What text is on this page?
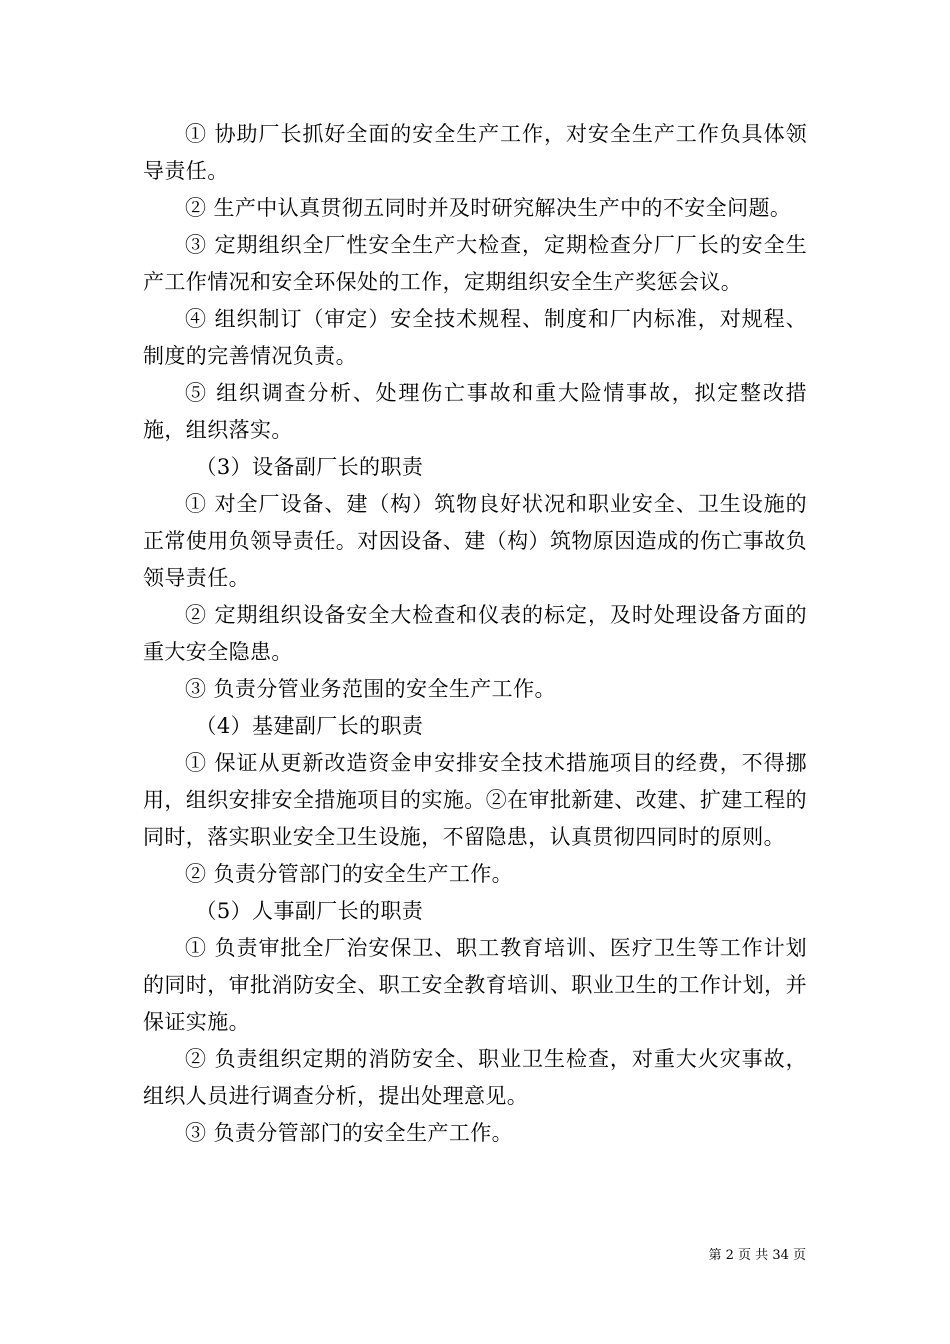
① 协助厂长抓好全面的安全生产工作，对安全生产工作负具体领导责任。

② 生产中认真贯彻五同时并及时研究解决生产中的不安全问题。

③ 定期组织全厂性安全生产大检查，定期检查分厂厂长的安全生产工作情况和安全环保处的工作，定期组织安全生产奖惩会议。

④ 组织制订（审定）安全技术规程、制度和厂内标准，对规程、制度的完善情况负责。

⑤ 组织调查分析、处理伤亡事故和重大险情事故，拟定整改措施，组织落实。

（3）设备副厂长的职责

① 对全厂设备、建（构）筑物良好状况和职业安全、卫生设施的正常使用负领导责任。对因设备、建（构）筑物原因造成的伤亡事故负领导责任。

② 定期组织设备安全大检查和仪表的标定，及时处理设备方面的重大安全隐患。

③ 负责分管业务范围的安全生产工作。

（4）基建副厂长的职责

① 保证从更新改造资金申安排安全技术措施项目的经费，不得挪用，组织安排安全措施项目的实施。②在审批新建、改建、扩建工程的同时，落实职业安全卫生设施，不留隐患，认真贯彻四同时的原则。

② 负责分管部门的安全生产工作。

（5）人事副厂长的职责

① 负责审批全厂治安保卫、职工教育培训、医疗卫生等工作计划的同时，审批消防安全、职工安全教育培训、职业卫生的工作计划，并保证实施。

② 负责组织定期的消防安全、职业卫生检查，对重大火灾事故，组织人员进行调查分析，提出处理意见。

③ 负责分管部门的安全生产工作。

第 2 页 共 34 页
